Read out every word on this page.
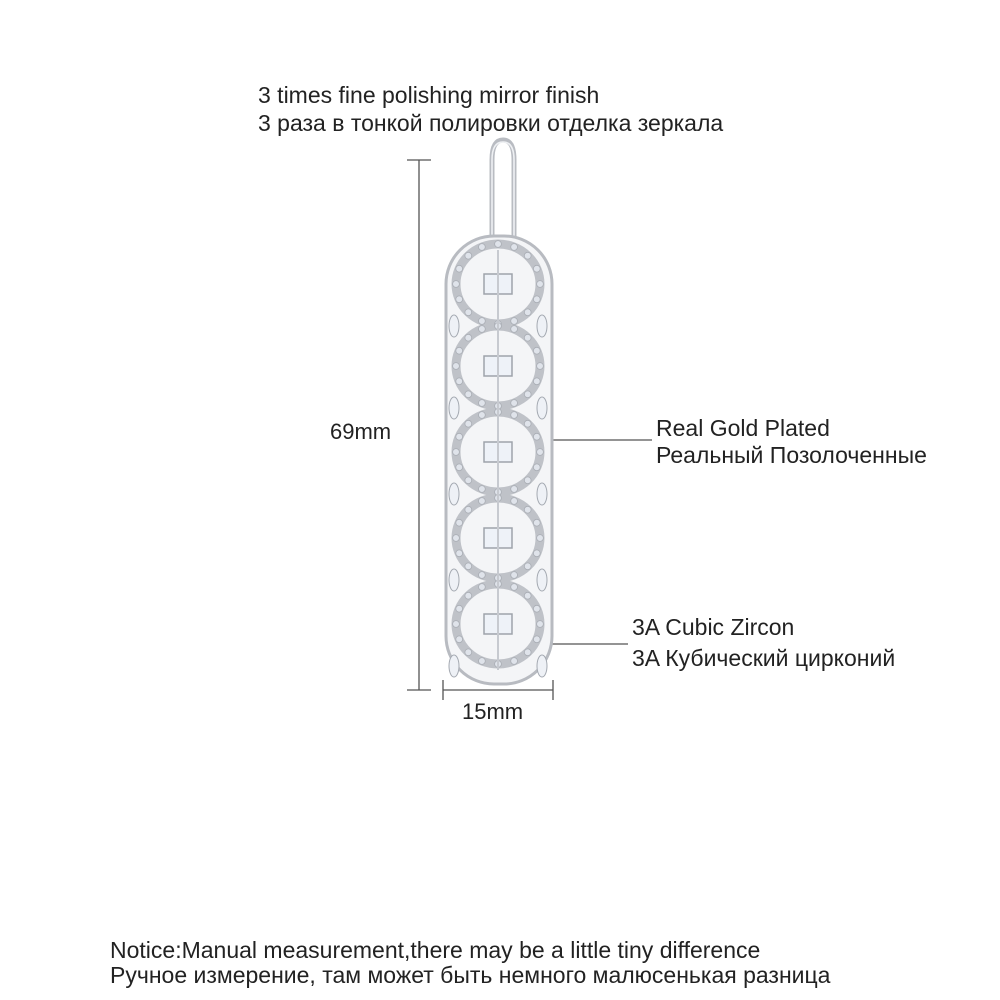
3 times fine polishing mirror finish
3 раза в тонкой полировки отделка зеркала
69mm
15mm
Real Gold Plated
Реальный Позолоченные
3A Cubic Zircon
3A Кубический цирконий
Notice:Manual measurement,there may be a little tiny difference
Ручное измерение, там может быть немного малюсенькая разница
